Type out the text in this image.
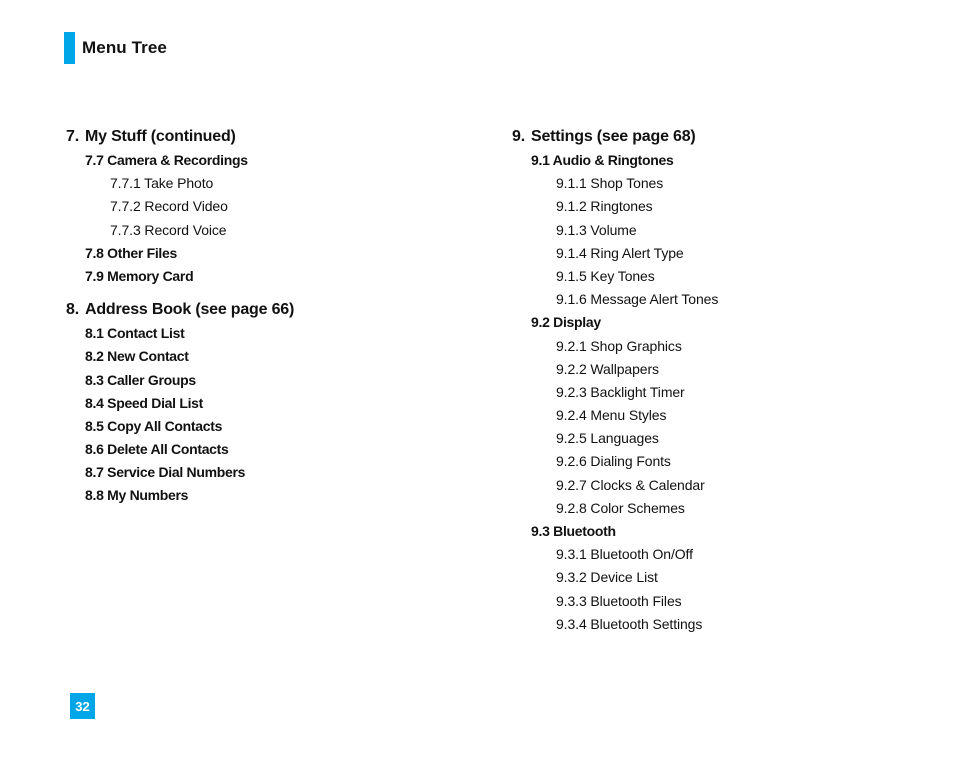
Menu Tree
7. My Stuff (continued)
7.7 Camera & Recordings
7.7.1 Take Photo
7.7.2 Record Video
7.7.3 Record Voice
7.8 Other Files
7.9 Memory Card
8. Address Book (see page 66)
8.1 Contact List
8.2 New Contact
8.3 Caller Groups
8.4 Speed Dial List
8.5 Copy All Contacts
8.6 Delete All Contacts
8.7 Service Dial Numbers
8.8 My Numbers
9. Settings (see page 68)
9.1 Audio & Ringtones
9.1.1 Shop Tones
9.1.2 Ringtones
9.1.3 Volume
9.1.4 Ring Alert Type
9.1.5 Key Tones
9.1.6 Message Alert Tones
9.2 Display
9.2.1 Shop Graphics
9.2.2 Wallpapers
9.2.3 Backlight Timer
9.2.4 Menu Styles
9.2.5 Languages
9.2.6 Dialing Fonts
9.2.7 Clocks & Calendar
9.2.8 Color Schemes
9.3 Bluetooth
9.3.1 Bluetooth On/Off
9.3.2 Device List
9.3.3 Bluetooth Files
9.3.4 Bluetooth Settings
32
